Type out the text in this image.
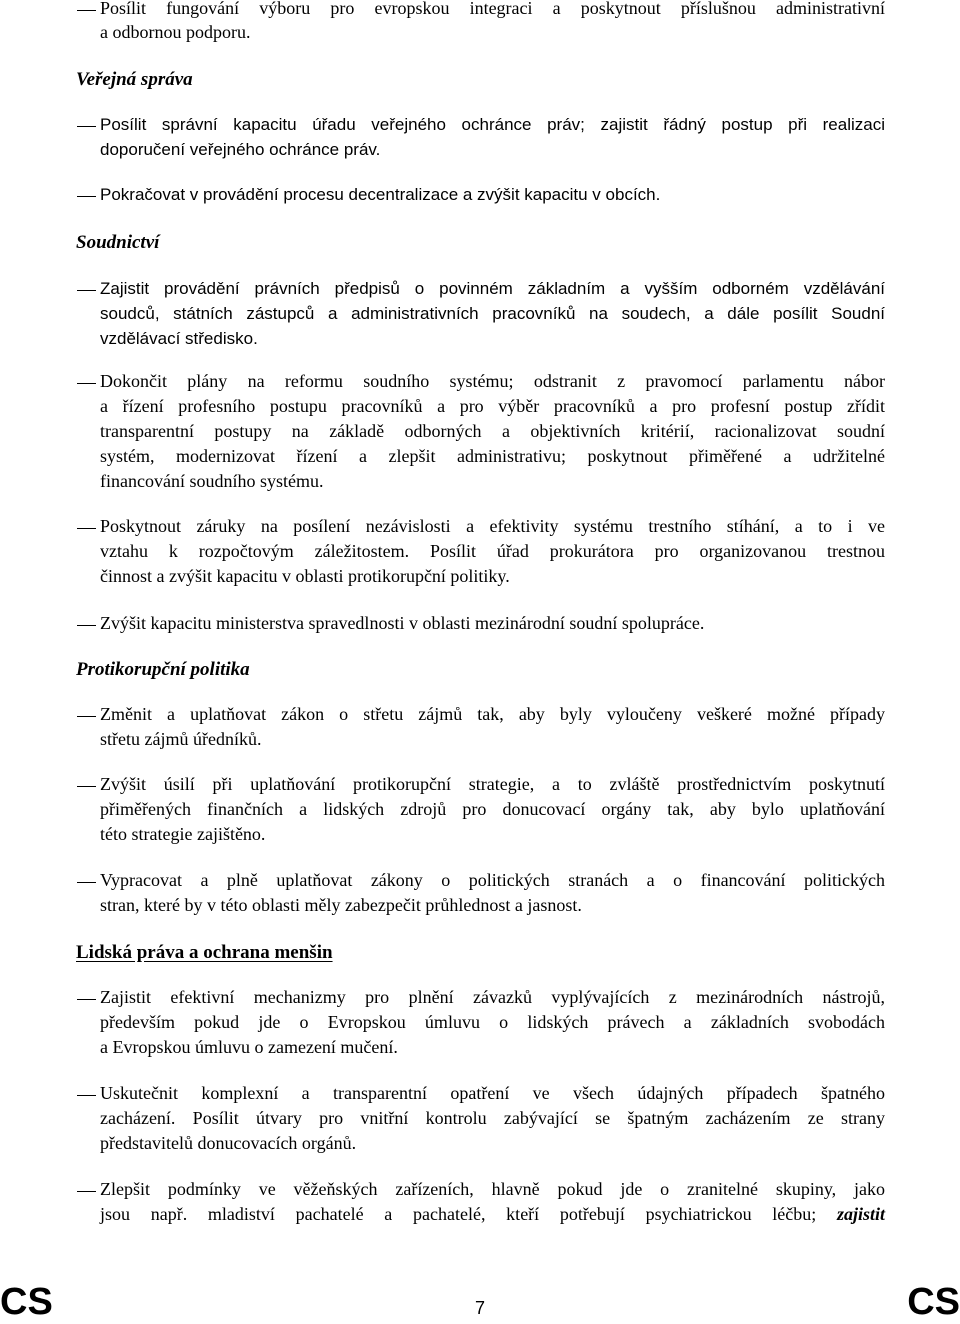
Posílit fungování výboru pro evropskou integraci a poskytnout příslušnou administrativní
a odbornou podporu.
Veřejná správa
Posílit správní kapacitu úřadu veřejného ochránce práv; zajistit řádný postup při realizaci
doporučení veřejného ochránce práv.
Pokračovat v provádění procesu decentralizace a zvýšit kapacitu v obcích.
Soudnictví
Zajistit provádění právních předpisů o povinném základním a vyšším odborném vzdělávání
soudců, státních zástupců a administrativních pracovníků na soudech, a dále posílit Soudní
vzdělávací středisko.
Dokončit plány na reformu soudního systému; odstranit z pravomocí parlamentu nábor
a řízení profesního postupu pracovníků a pro výběr pracovníků a pro profesní postup zřídit
transparentní postupy na základě odborných a objektivních kritérií, racionalizovat soudní
systém, modernizovat řízení a zlepšit administrativu; poskytnout přiměřené a udržitelné
financování soudního systému.
Poskytnout záruky na posílení nezávislosti a efektivity systému trestního stíhání, a to i ve
vztahu k rozpočtovým záležitostem. Posílit úřad prokurátora pro organizovanou trestnou
činnost a zvýšit kapacitu v oblasti protikorupční politiky.
Zvýšit kapacitu ministerstva spravedlnosti v oblasti mezinárodní soudní spolupráce.
Protikorupční politika
Změnit a uplatňovat zákon o střetu zájmů tak, aby byly vyloučeny veškeré možné případy
střetu zájmů úředníků.
Zvýšit úsilí při uplatňování protikorupční strategie, a to zvláště prostřednictvím poskytnutí
přiměřených finančních a lidských zdrojů pro donucovací orgány tak, aby bylo uplatňování
této strategie zajištěno.
Vypracovat a plně uplatňovat zákony o politických stranách a o financování politických
stran, které by v této oblasti měly zabezpečit průhlednost a jasnost.
Lidská práva a ochrana menšin
Zajistit efektivní mechanizmy pro plnění závazků vyplývajících z mezinárodních nástrojů,
především pokud jde o Evropskou úmluvu o lidských právech a základních svobodách
a Evropskou úmluvu o zamezení mučení.
Uskutečnit komplexní a transparentní opatření ve všech údajných případech špatného
zacházení. Posílit útvary pro vnitřní kontrolu zabývající se špatným zacházením ze strany
představitelů donucovacích orgánů.
Zlepšit podmínky ve věžeňských zařízeních, hlavně pokud jde o zranitelné skupiny, jako
jsou např. mladiství pachatelé a pachatelé, kteří potřebují psychiatrickou léčbu; zajistit
CS	7	CS
